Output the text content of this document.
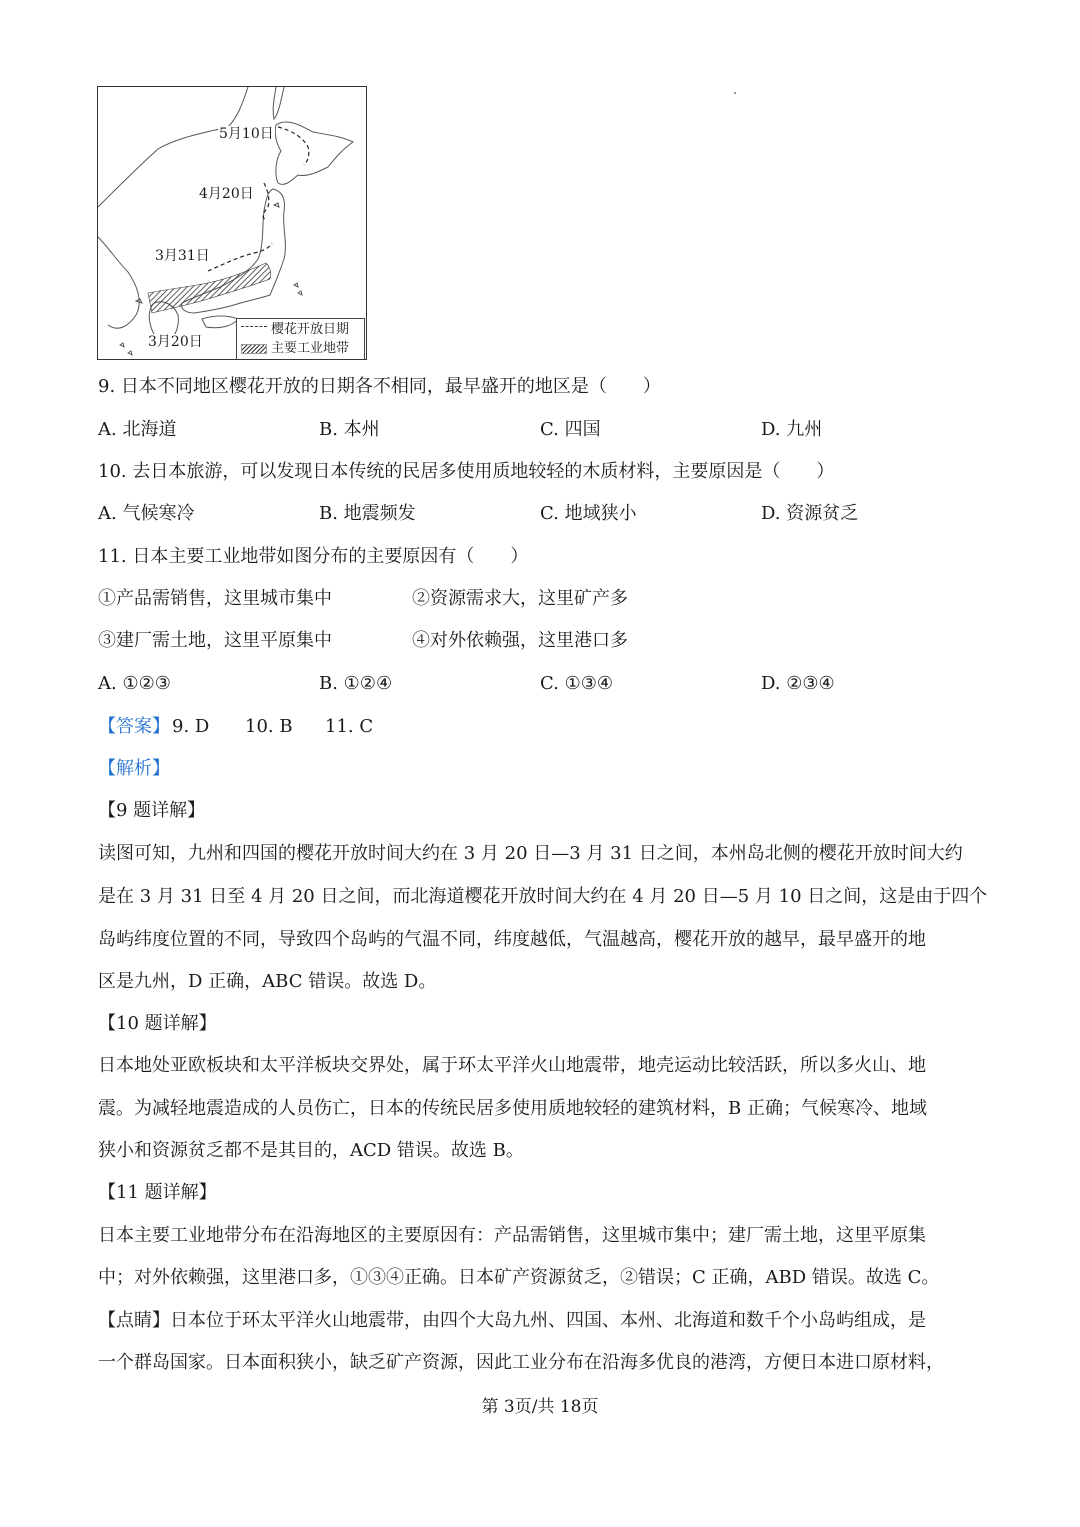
5月10日
4月20日
3月31日
3月20日
樱花开放日期
主要工业地带
9. 日本不同地区樱花开放的日期各不相同，最早盛开的地区是（　　）
A. 北海道	B. 本州	C. 四国	D. 九州
10. 去日本旅游，可以发现日本传统的民居多使用质地较轻的木质材料，主要原因是（　　）
A. 气候寒冷	B. 地震频发	C. 地域狭小	D. 资源贫乏
11. 日本主要工业地带如图分布的主要原因有（　　）
①产品需销售，这里城市集中	②资源需求大，这里矿产多
③建厂需土地，这里平原集中	④对外依赖强，这里港口多
A. ①②③	B. ①②④	C. ①③④	D. ②③④
【答案】 9. D 10. B 11. C
【解析】
【9 题详解】
读图可知，九州和四国的樱花开放时间大约在 3 月 20 日—3 月 31 日之间，本州岛北侧的樱花开放时间大约
是在 3 月 31 日至 4 月 20 日之间，而北海道樱花开放时间大约在 4 月 20 日—5 月 10 日之间，这是由于四个
岛屿纬度位置的不同，导致四个岛屿的气温不同，纬度越低，气温越高，樱花开放的越早，最早盛开的地
区是九州，D 正确，ABC 错误。故选 D。
【10 题详解】
日本地处亚欧板块和太平洋板块交界处，属于环太平洋火山地震带，地壳运动比较活跃，所以多火山、地
震。为减轻地震造成的人员伤亡，日本的传统民居多使用质地较轻的建筑材料，B 正确；气候寒冷、地域
狭小和资源贫乏都不是其目的，ACD 错误。故选 B。
【11 题详解】
日本主要工业地带分布在沿海地区的主要原因有：产品需销售，这里城市集中；建厂需土地，这里平原集
中；对外依赖强，这里港口多，①③④正确。日本矿产资源贫乏，②错误；C 正确，ABD 错误。故选 C。
【点睛】日本位于环太平洋火山地震带，由四个大岛九州、四国、本州、北海道和数千个小岛屿组成，是
一个群岛国家。日本面积狭小，缺乏矿产资源，因此工业分布在沿海多优良的港湾，方便日本进口原材料，
第 3页/共 18页
